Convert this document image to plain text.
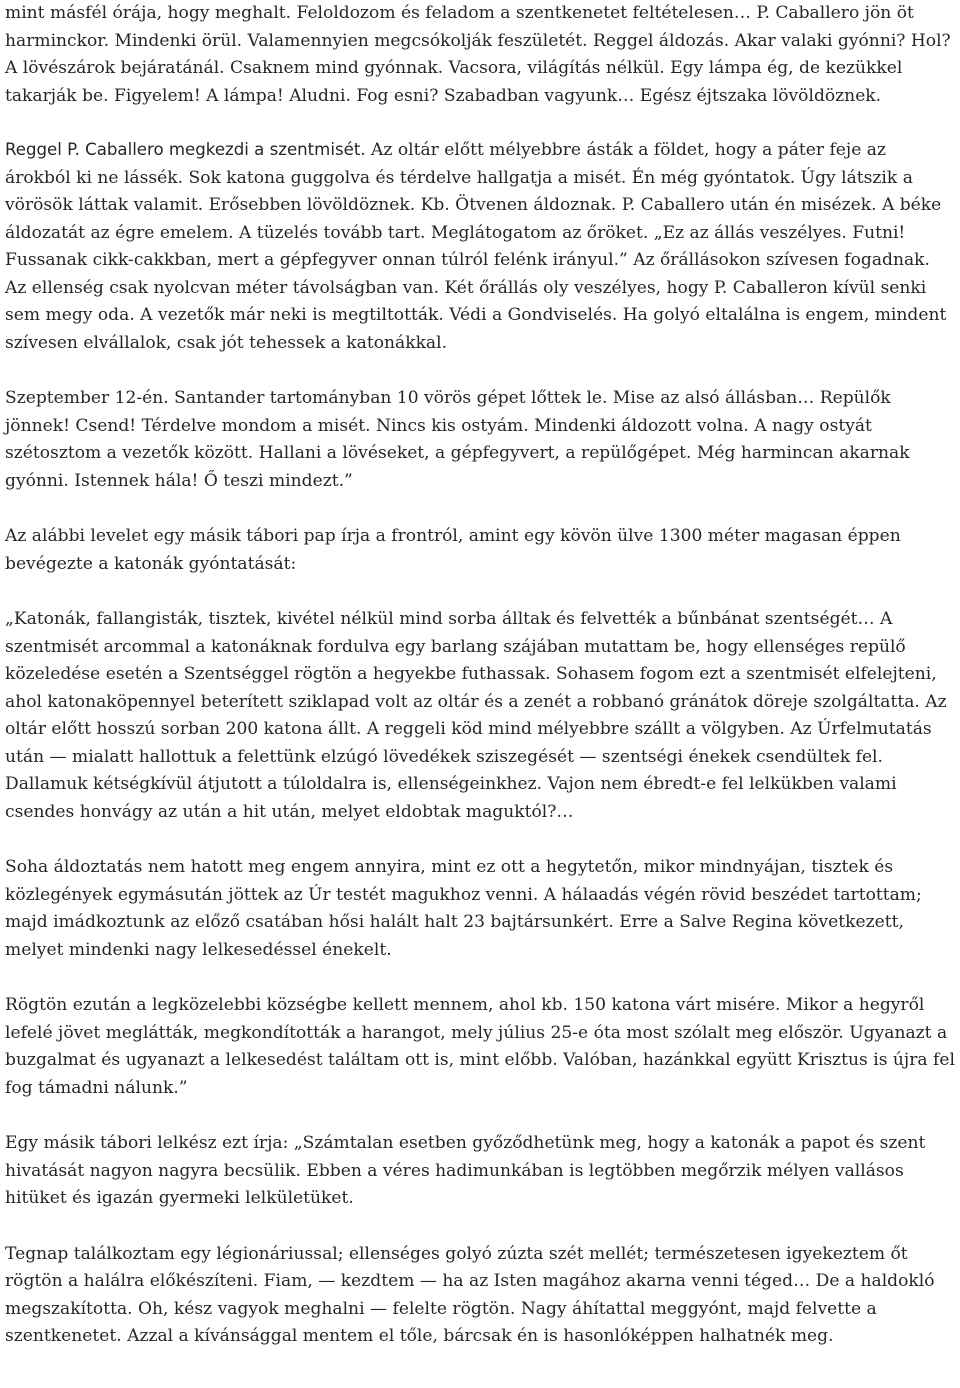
mint másfél órája, hogy meghalt. Feloldozom és feladom a szentkenetet feltételesen… P. Caballero jön öt harminckor. Mindenki örül. Valamennyien megcsókolják feszületét. Reggel áldozás. Akar valaki gyónni? Hol? A lövészárok bejáratánál. Csaknem mind gyónnak. Vacsora, világítás nélkül. Egy lámpa ég, de kezükkel takarják be. Figyelem! A lámpa! Aludni. Fog esni? Szabadban vagyunk… Egész éjtszaka lövöldöznek.

Reggel P. Caballero megkezdi a szentmisét. Az oltár előtt mélyebbre ásták a földet, hogy a páter feje az árokból ki ne lássék. Sok katona guggolva és térdelve hallgatja a misét. Én még gyóntatok. Úgy látszik a vörösök láttak valamit. Erősebben lövöldöznek. Kb. Ötvenen áldoznak. P. Caballero után én misézek. A béke áldozatát az égre emelem. A tüzelés tovább tart. Meglátogatom az őröket. „Ez az állás veszélyes. Futni! Fussanak cikk-cakkban, mert a gépfegyver onnan túlról felénk irányul.” Az őrállásokon szívesen fogadnak. Az ellenség csak nyolcvan méter távolságban van. Két őrállás oly veszélyes, hogy P. Caballeron kívül senki sem megy oda. A vezetők már neki is megtiltották. Védi a Gondviselés. Ha golyó eltalálna is engem, mindent szívesen elvállalok, csak jót tehessek a katonákkal.

Szeptember 12-én. Santander tartományban 10 vörös gépet lőttek le. Mise az alsó állásban… Repülők jönnek! Csend! Térdelve mondom a misét. Nincs kis ostyám. Mindenki áldozott volna. A nagy ostyát szétosztom a vezetők között. Hallani a lövéseket, a gépfegyvert, a repülőgépet. Még harmincan akarnak gyónni. Istennek hála! Ő teszi mindezt.”

Az alábbi levelet egy másik tábori pap írja a frontról, amint egy kövön ülve 1300 méter magasan éppen bevégezte a katonák gyóntatását:

„Katonák, fallangisták, tisztek, kivétel nélkül mind sorba álltak és felvették a bűnbánat szentségét… A szentmisét arcommal a katonáknak fordulva egy barlang szájában mutattam be, hogy ellenséges repülő közeledése esetén a Szentséggel rögtön a hegyekbe futhassak. Sohasem fogom ezt a szentmisét elfelejteni, ahol katonaköpennyel beterített sziklapad volt az oltár és a zenét a robbanó gránátok döreje szolgáltatta. Az oltár előtt hosszú sorban 200 katona állt. A reggeli köd mind mélyebbre szállt a völgyben. Az Úrfelmutatás után — mialatt hallottuk a felettünk elzúgó lövedékek sziszegését — szentségi énekek csendültek fel. Dallamuk kétségkívül átjutott a túloldalra is, ellenségeinkhez. Vajon nem ébredt-e fel lelkükben valami csendes honvágy az után a hit után, melyet eldobtak maguktól?…

Soha áldoztatás nem hatott meg engem annyira, mint ez ott a hegytetőn, mikor mindnyájan, tisztek és közlegények egymásután jöttek az Úr testét magukhoz venni. A hálaadás végén rövid beszédet tartottam; majd imádkoztunk az előző csatában hősi halált halt 23 bajtársunkért. Erre a Salve Regina következett, melyet mindenki nagy lelkesedéssel énekelt.

Rögtön ezután a legközelebbi községbe kellett mennem, ahol kb. 150 katona várt misére. Mikor a hegyről lefelé jövet meglátták, megkondították a harangot, mely július 25-e óta most szólalt meg először. Ugyanazt a buzgalmat és ugyanazt a lelkesedést találtam ott is, mint előbb. Valóban, hazánkkal együtt Krisztus is újra fel fog támadni nálunk.”

Egy másik tábori lelkész ezt írja: „Számtalan esetben győződhetünk meg, hogy a katonák a papot és szent hivatását nagyon nagyra becsülik. Ebben a véres hadimunkában is legtöbben megőrzik mélyen vallásos hitüket és igazán gyermeki lelkületüket.

Tegnap találkoztam egy légionáriussal; ellenséges golyó zúzta szét mellét; természetesen igyekeztem őt rögtön a halálra előkészíteni. Fiam, — kezdtem — ha az Isten magához akarna venni téged… De a haldokló megszakította. Oh, kész vagyok meghalni — felelte rögtön. Nagy áhítattal meggyónt, majd felvette a szentkenetet. Azzal a kívánsággal mentem el tőle, bárcsak én is hasonlóképpen halhatnék meg.
